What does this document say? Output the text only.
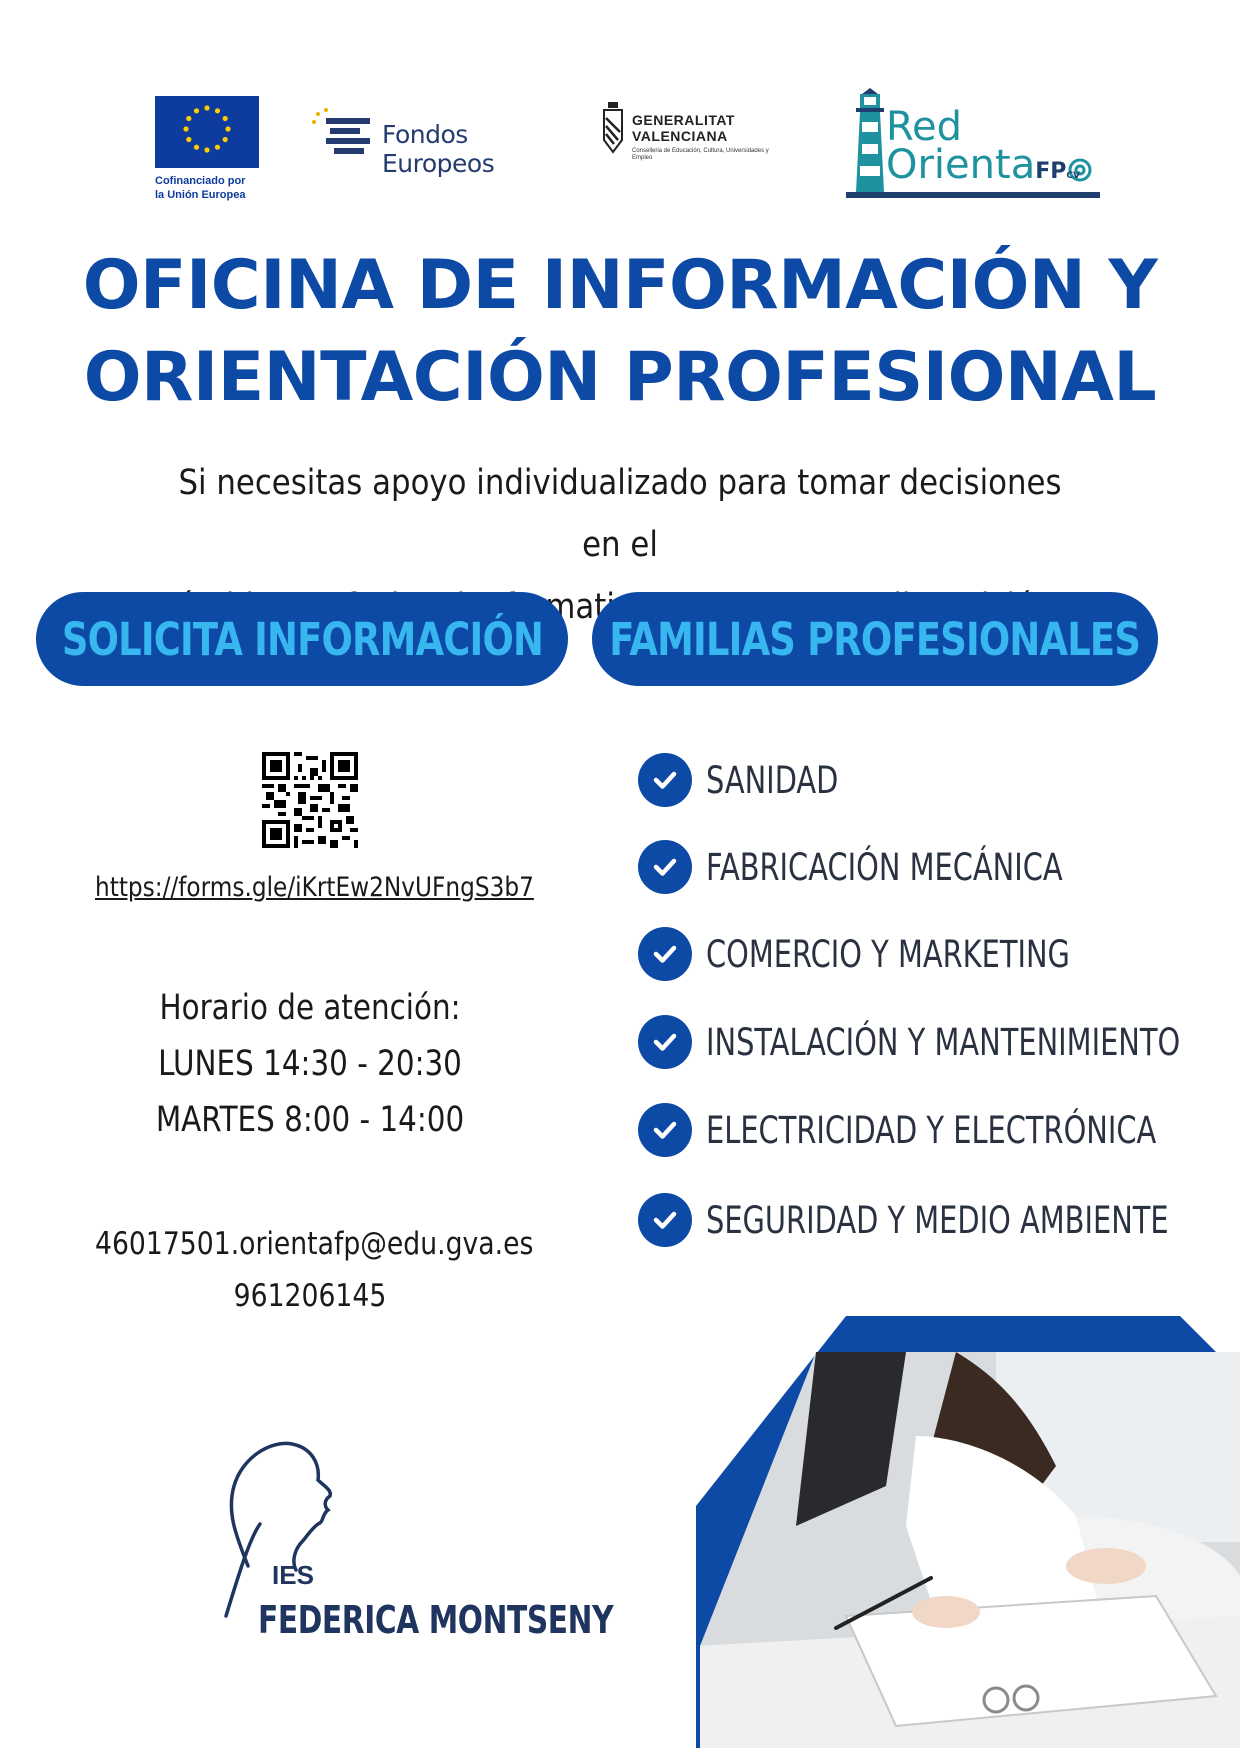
Cofinanciado por
la Unión Europea
Fondos Europeos
GENERALITAT
VALENCIANA
Conselleria de Educación, Cultura, Universidades y Empleo
Red
OrientaFPCV
OFICINA DE INFORMACIÓN Y
ORIENTACIÓN PROFESIONAL

Si necesitas apoyo individualizado para tomar decisiones en el
formativo,

SOLICITA INFORMACIÓN FAMILIAS PROFESIONALES
https://forms.gle/iKrtEw2NvUFngS3b7
Horario de atención:
LUNES 14:30 - 20:30
MARTES 8:00 - 14:00
46017501.orientafp@edu.gva.es
961206145
SANIDAD
FABRICACIÓN MECÁNICA
COMERCIO Y MARKETING
INSTALACIÓN Y MANTENIMIENTO
ELECTRICIDAD Y ELECTRÓNICA
SEGURIDAD Y MEDIO AMBIENTE
IES
FEDERICA MONTSENY
